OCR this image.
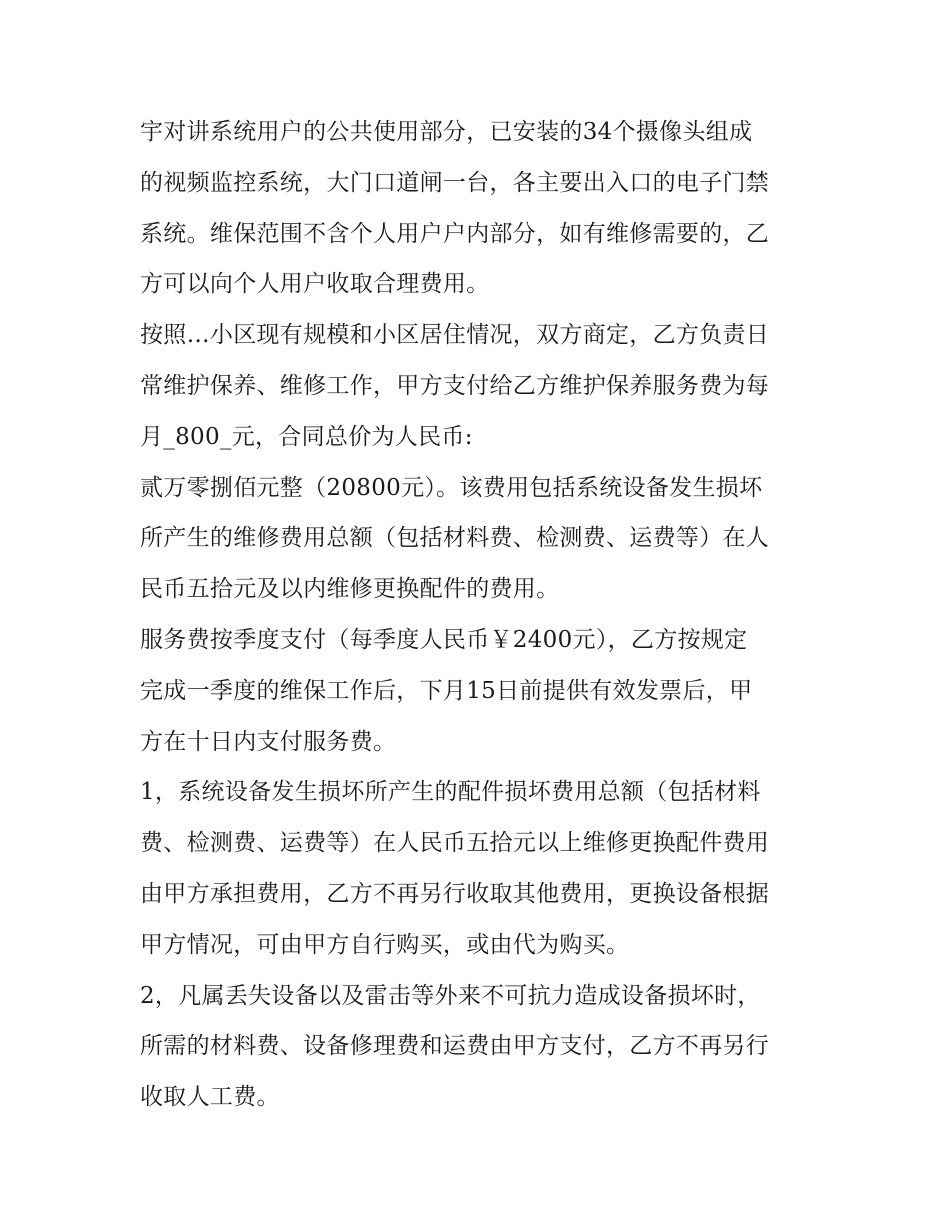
宇对讲系统用户的公共使用部分，已安装的34个摄像头组成
的视频监控系统，大门口道闸一台，各主要出入口的电子门禁
系统。维保范围不含个人用户户内部分，如有维修需要的，乙
方可以向个人用户收取合理费用。

按照…小区现有规模和小区居住情况，双方商定，乙方负责日
常维护保养、维修工作，甲方支付给乙方维护保养服务费为每
月_800_元，合同总价为人民币:

贰万零捌佰元整（20800元）。该费用包括系统设备发生损坏
所产生的维修费用总额（包括材料费、检测费、运费等）在人
民币五拾元及以内维修更换配件的费用。

服务费按季度支付（每季度人民币￥2400元），乙方按规定
完成一季度的维保工作后，下月15日前提供有效发票后，甲
方在十日内支付服务费。

1，系统设备发生损坏所产生的配件损坏费用总额（包括材料
费、检测费、运费等）在人民币五拾元以上维修更换配件费用
由甲方承担费用，乙方不再另行收取其他费用，更换设备根据
甲方情况，可由甲方自行购买，或由代为购买。

2，凡属丢失设备以及雷击等外来不可抗力造成设备损坏时，
所需的材料费、设备修理费和运费由甲方支付，乙方不再另行
收取人工费。
